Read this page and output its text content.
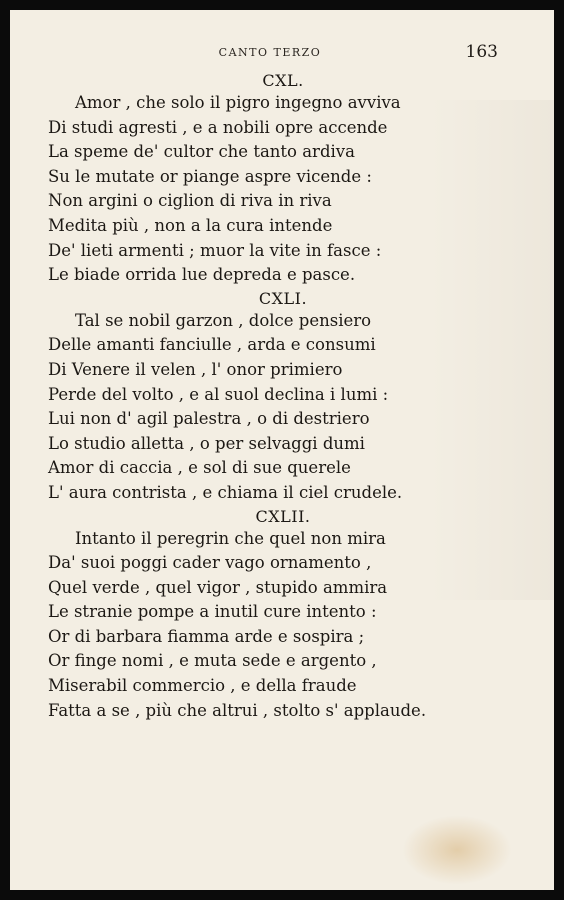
CANTO TERZO	163
CXL.
Amor , che solo il pigro ingegno avviva
Di studi agresti , e a nobili opre accende
La speme de' cultor che tanto ardiva
Su le mutate or piange aspre vicende :
Non argini o ciglion di riva in riva
Medita più , non a la cura intende
De' lieti armenti ; muor la vite in fasce :
Le biade orrida lue depreda e pasce.
CXLI.
Tal se nobil garzon , dolce pensiero
Delle amanti fanciulle , arda e consumi
Di Venere il velen , l' onor primiero
Perde del volto , e al suol declina i lumi :
Lui non d' agil palestra , o di destriero
Lo studio alletta , o per selvaggi dumi
Amor di caccia , e sol di sue querele
L' aura contrista , e chiama il ciel crudele.
CXLII.
Intanto il peregrin che quel non mira
Da' suoi poggi cader vago ornamento ,
Quel verde , quel vigor , stupido ammira
Le stranie pompe a inutil cure intento :
Or di barbara fiamma arde e sospira ;
Or finge nomi , e muta sede e argento ,
Miserabil commercio , e della fraude
Fatta a se , più che altrui , stolto s' applaude.
